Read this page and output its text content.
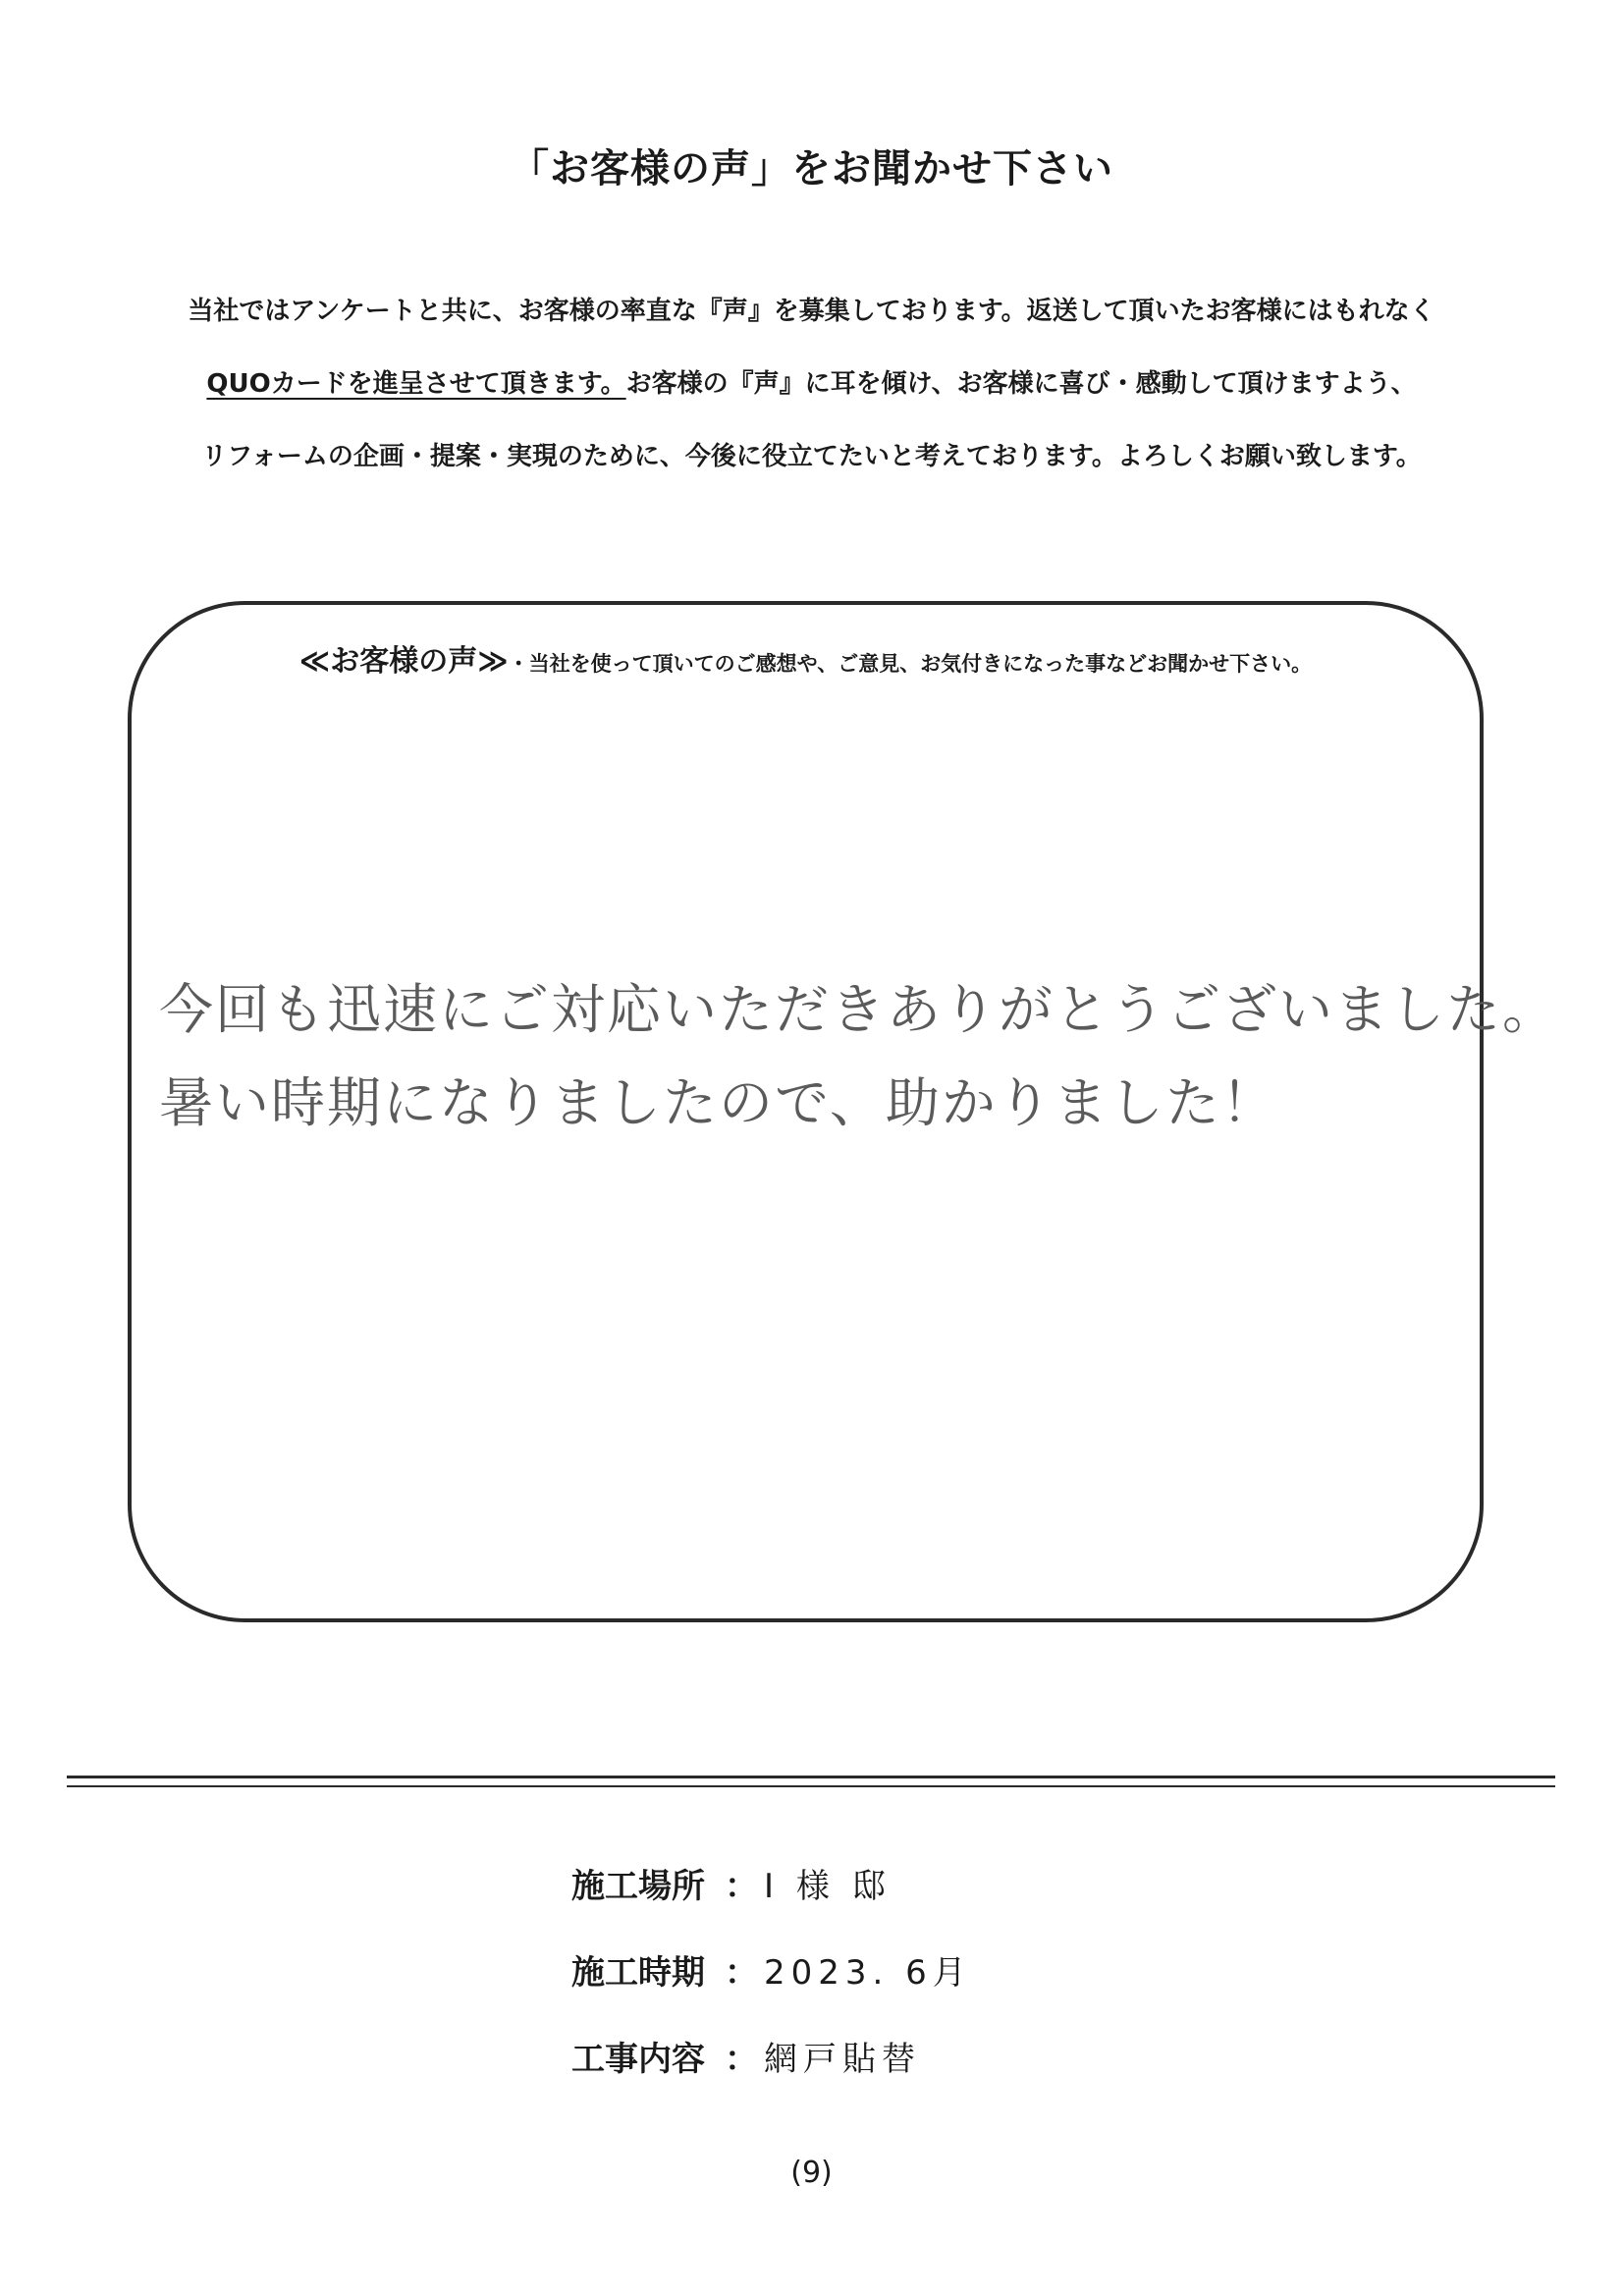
「お客様の声」をお聞かせ下さい
当社ではアンケートと共に、お客様の率直な『声』を募集しております。返送して頂いたお客様にはもれなく
QUOカードを進呈させて頂きます。お客様の『声』に耳を傾け、お客様に喜び・感動して頂けますよう、
リフォームの企画・提案・実現のために、今後に役立てたいと考えております。よろしくお願い致します。
≪お客様の声≫・当社を使って頂いてのご感想や、ご意見、お気付きになった事などお聞かせ下さい。
今回も迅速にご対応いただきありがとうございました。
暑い時期になりましたので、助かりました！
施工場所 ： I 様 邸
施工時期 ： 2023. 6月
工事内容 ： 網戸貼替
(9)
